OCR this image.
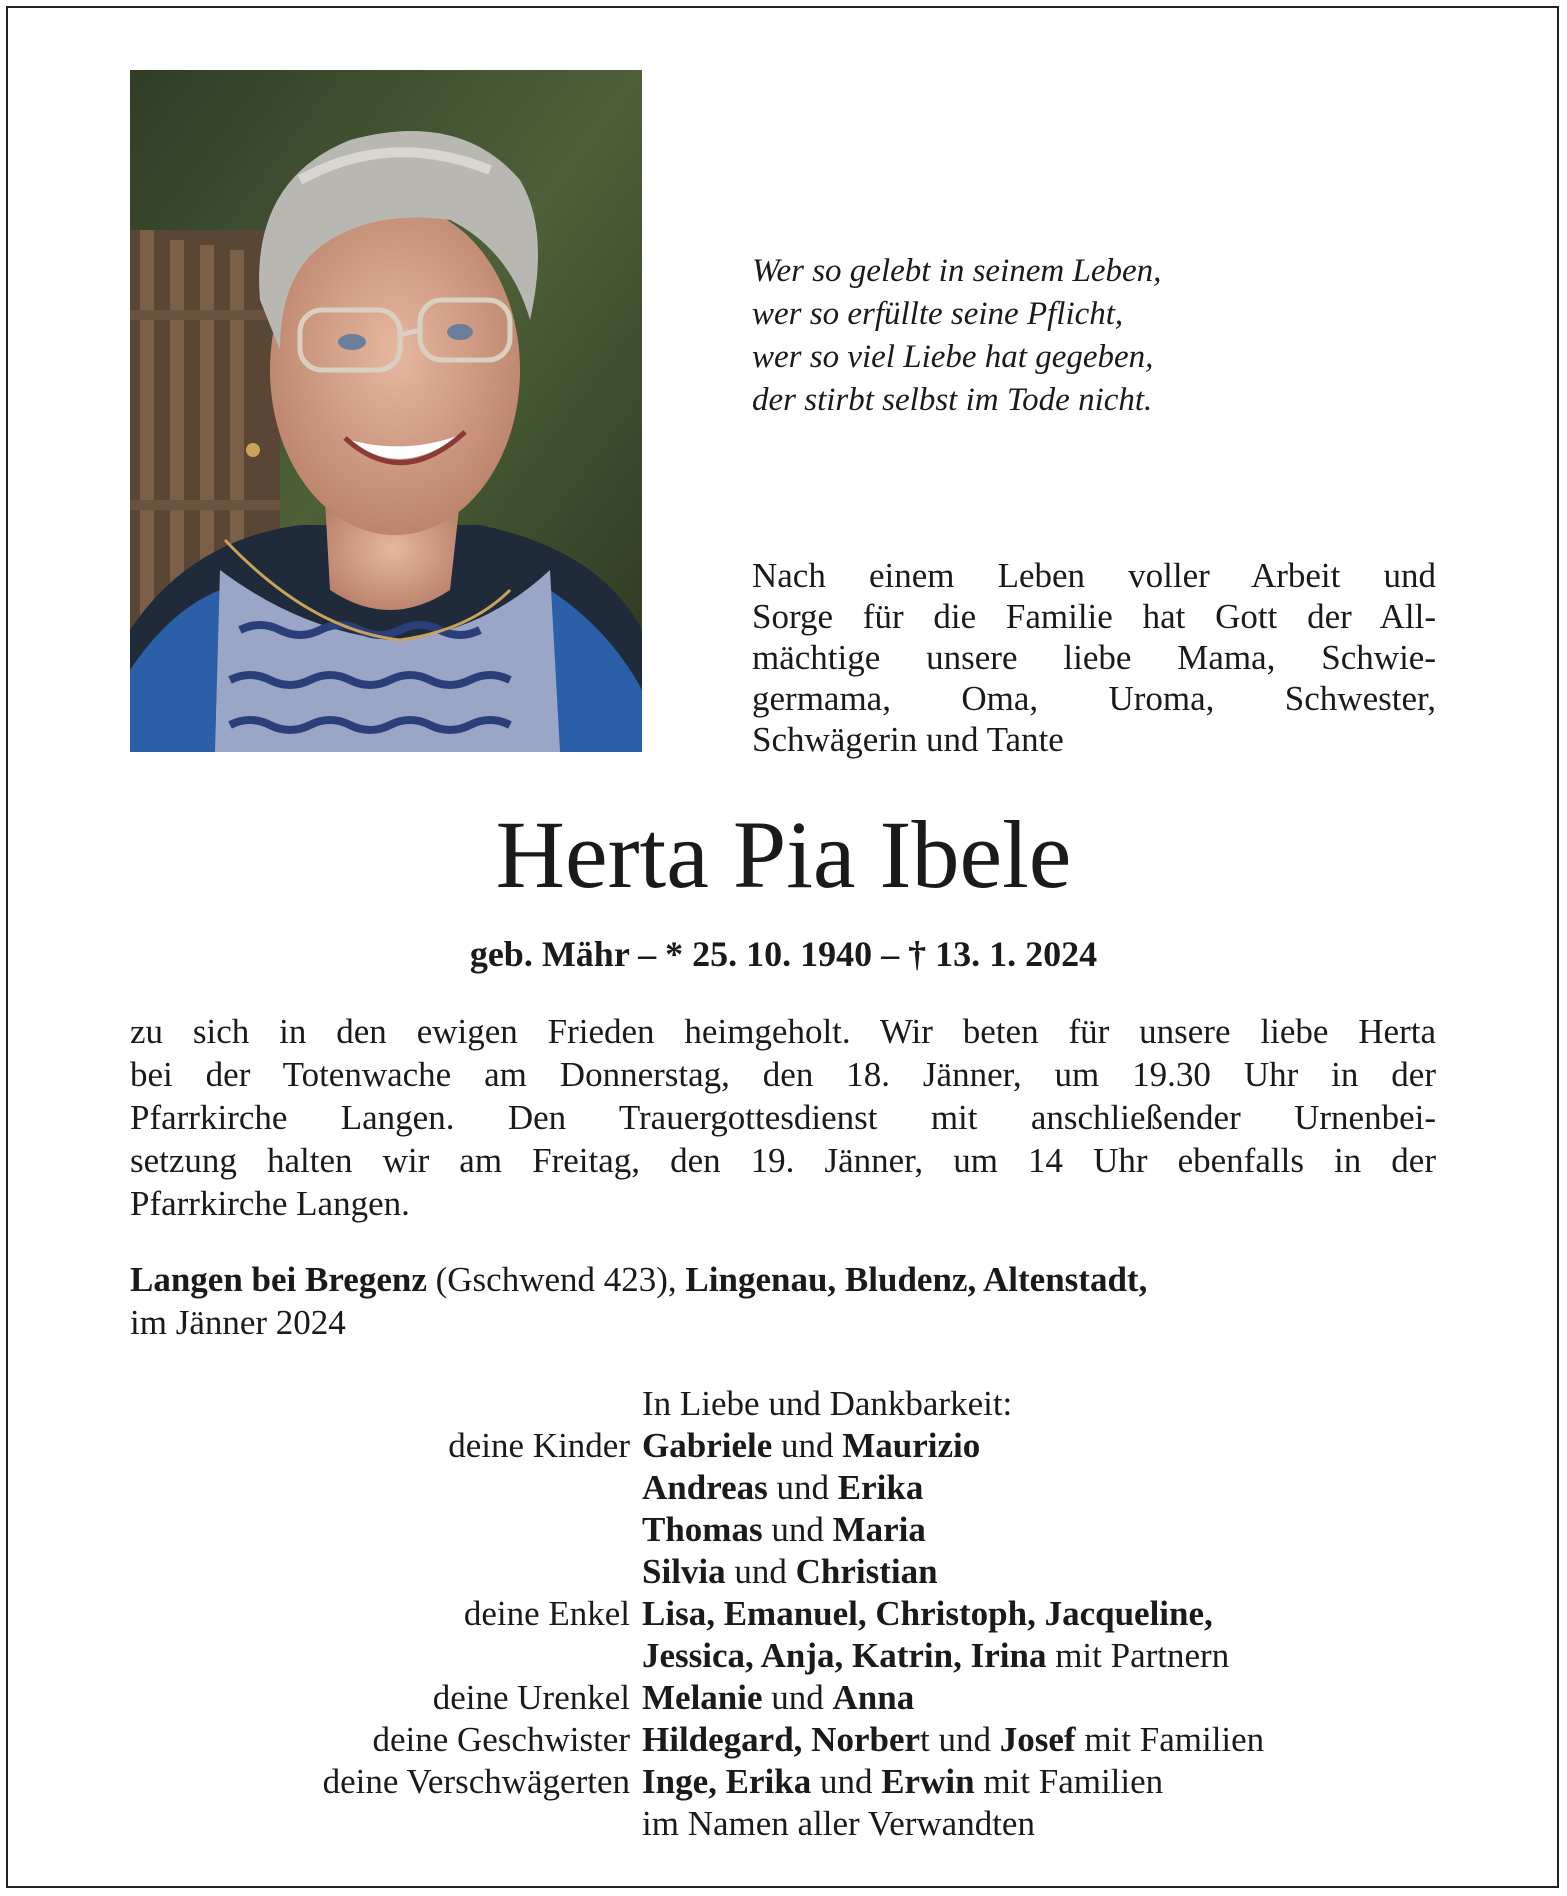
Wer so gelebt in seinem Leben,
wer so erfüllte seine Pflicht,
wer so viel Liebe hat gegeben,
der stirbt selbst im Tode nicht.
Nach einem Leben voller Arbeit und
Sorge für die Familie hat Gott der All-
mächtige unsere liebe Mama, Schwie-
germama, Oma, Uroma, Schwester,
Schwägerin und Tante
Herta Pia Ibele
geb. Mähr – * 25. 10. 1940 – † 13. 1. 2024
zu sich in den ewigen Frieden heimgeholt. Wir beten für unsere liebe Herta
bei der Totenwache am Donnerstag, den 18. Jänner, um 19.30 Uhr in der
Pfarrkirche Langen. Den Trauergottesdienst mit anschließender Urnenbei-
setzung halten wir am Freitag, den 19. Jänner, um 14 Uhr ebenfalls in der
Pfarrkirche Langen.
Langen bei Bregenz (Gschwend 423), Lingenau, Bludenz, Altenstadt,
im Jänner 2024
In Liebe und Dankbarkeit:
deine Kinder Gabriele und Maurizio
Andreas und Erika
Thomas und Maria
Silvia und Christian
deine Enkel Lisa, Emanuel, Christoph, Jacqueline,
Jessica, Anja, Katrin, Irina mit Partnern
deine Urenkel Melanie und Anna
deine Geschwister Hildegard, Norbert und Josef mit Familien
deine Verschwägerten Inge, Erika und Erwin mit Familien
im Namen aller Verwandten
